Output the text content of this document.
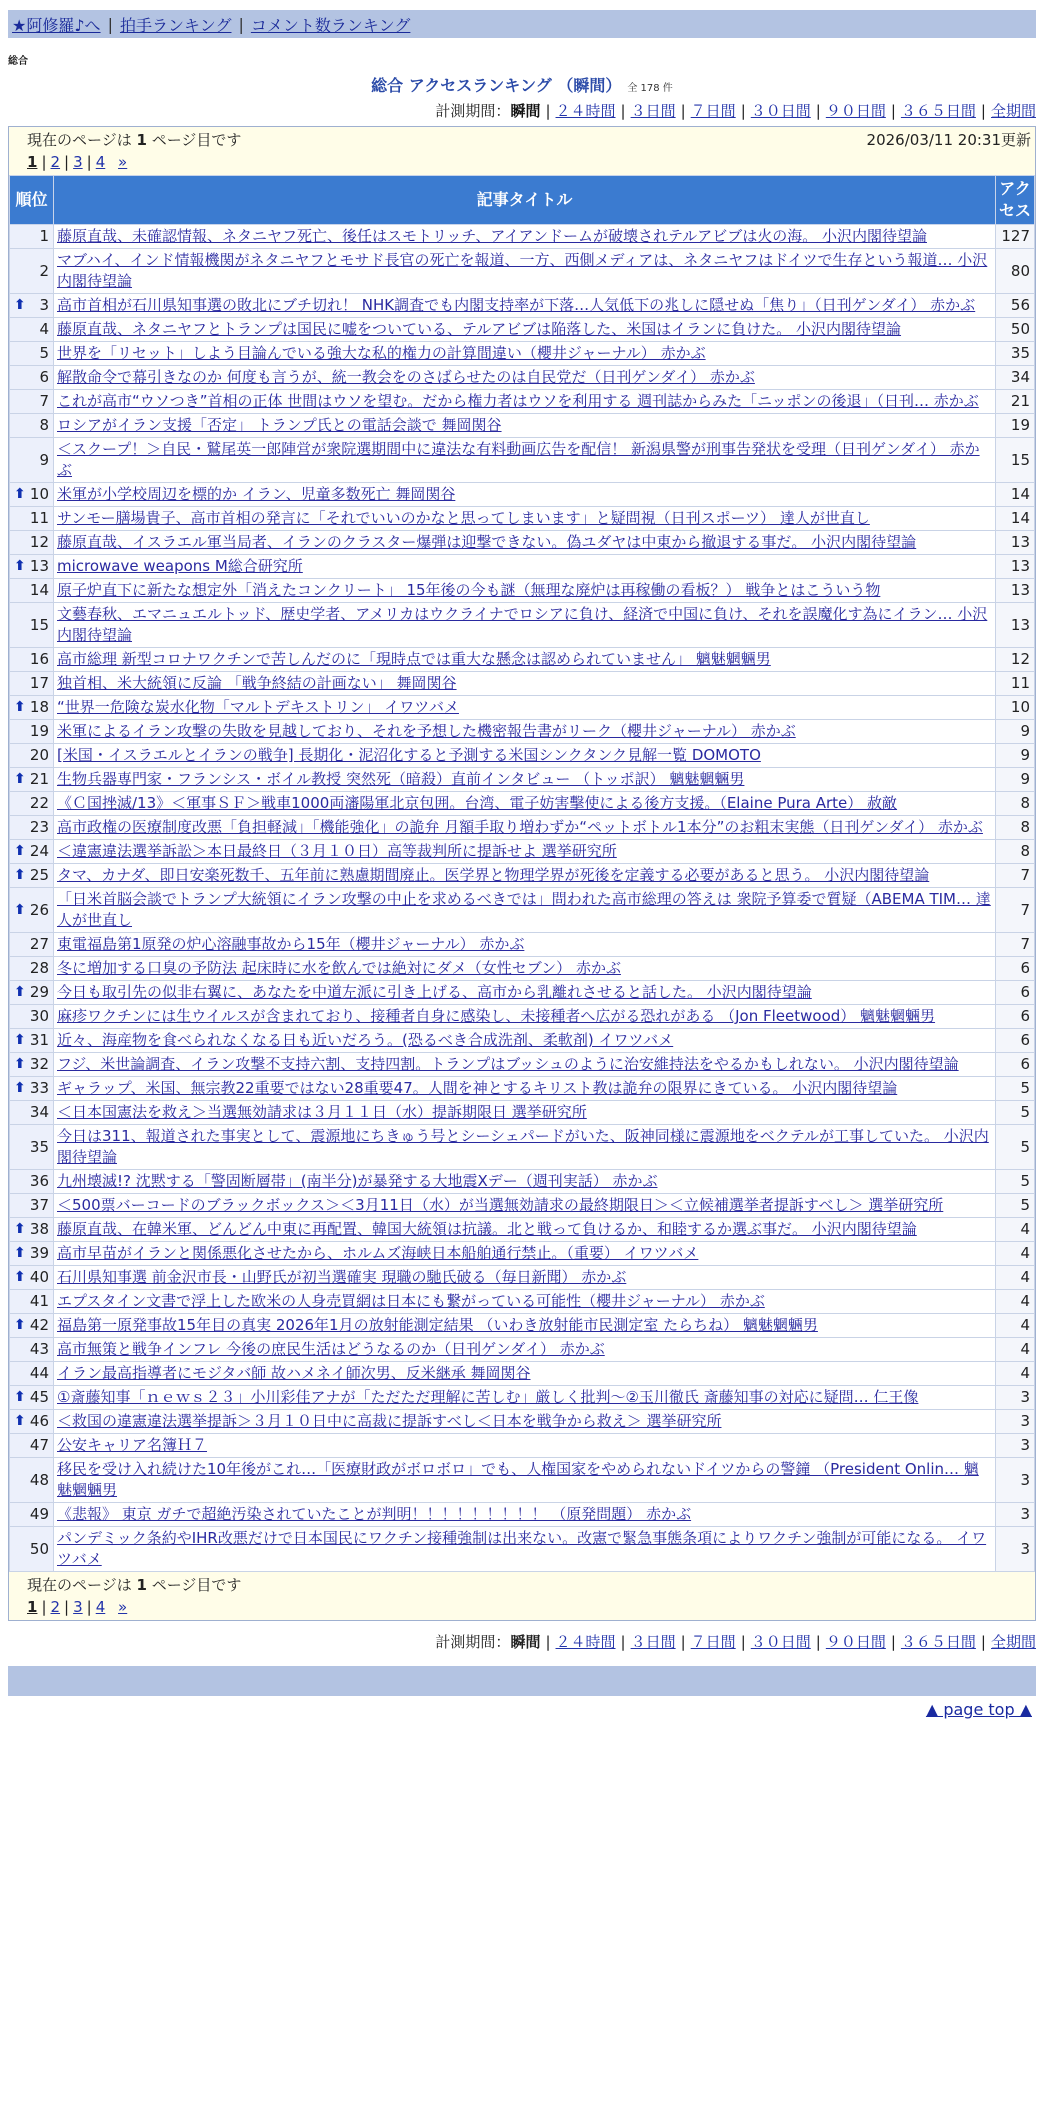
★阿修羅♪へ | 拍手ランキング | コメント数ランキング
総合
総合 アクセスランキング （瞬間） 全 178 件
計測期間：瞬間 | ２４時間 | ３日間 | ７日間 | ３０日間 | ９０日間 | ３６５日間 | 全期間
現在のページは 1 ページ目です	2026/03/11 20:31更新
1 | 2 | 3 | 4 »
順位	記事タイトル	アクセス
1	藤原直哉、未確認情報、ネタニヤフ死亡、後任はスモトリッチ、アイアンドームが破壊されテルアビブは火の海。 小沢内閣待望論	127
2	マブハイ、インド情報機関がネタニヤフとモサド長官の死亡を報道、一方、西側メディアは、ネタニヤフはドイツで生存という報道… 小沢内閣待望論	80

⬆ 3	高市首相が石川県知事選の敗北にブチ切れ！ NHK調査でも内閣支持率が下落…人気低下の兆しに隠せぬ「焦り」（日刊ゲンダイ） 赤かぶ	56
4	藤原直哉、ネタニヤフとトランプは国民に嘘をついている、テルアビブは陥落した、米国はイランに負けた。 小沢内閣待望論	50
5	世界を「リセット」しよう目論んでいる強大な私的権力の計算間違い（櫻井ジャーナル） 赤かぶ	35
6	解散命令で幕引きなのか 何度も言うが、統一教会をのさばらせたのは自民党だ（日刊ゲンダイ） 赤かぶ	34
7	これが高市“ウソつき”首相の正体 世間はウソを望む。だから権力者はウソを利用する 週刊誌からみた「ニッポンの後退」（日刊… 赤かぶ	21
8	ロシアがイラン支援「否定」 トランプ氏との電話会談で 舞岡関谷	19
9	＜スクープ！＞自民・鷲尾英一郎陣営が衆院選期間中に違法な有料動画広告を配信！ 新潟県警が刑事告発状を受理（日刊ゲンダイ） 赤かぶ	15

⬆ 10	米軍が小学校周辺を標的か イラン、児童多数死亡 舞岡関谷	14
11	サンモー膳場貴子、高市首相の発言に「それでいいのかなと思ってしまいます」と疑問視（日刊スポーツ） 達人が世直し	14
12	藤原直哉、イスラエル軍当局者、イランのクラスター爆弾は迎撃できない。偽ユダヤは中東から撤退する事だ。 小沢内閣待望論	13

⬆ 13	microwave weapons M総合研究所	13
14	原子炉直下に新たな想定外「消えたコンクリート」 15年後の今も謎（無理な廃炉は再稼働の看板？） 戦争とはこういう物	13
15	文藝春秋、エマニュエルトッド、歴史学者、アメリカはウクライナでロシアに負け、経済で中国に負け、それを誤魔化す為にイラン… 小沢内閣待望論	13
16	高市総理 新型コロナワクチンで苦しんだのに「現時点では重大な懸念は認められていません」 魑魅魍魎男	12
17	独首相、米大統領に反論 「戦争終結の計画ない」 舞岡関谷	11

⬆ 18	“世界一危険な炭水化物「マルトデキストリン」 イワツバメ	10
19	米軍によるイラン攻撃の失敗を見越しており、それを予想した機密報告書がリーク（櫻井ジャーナル） 赤かぶ	9
20	[米国・イスラエルとイランの戦争] 長期化・泥沼化すると予測する米国シンクタンク見解一覧 DOMOTO	9

⬆ 21	生物兵器専門家・フランシス・ボイル教授 突然死（暗殺）直前インタビュー （トッポ訳） 魑魅魍魎男	9
22	《Ｃ国挫滅/13》＜軍事ＳＦ＞戦車1000両瀋陽軍北京包囲。台湾、電子妨害擊使による後方支援。（Elaine Pura Arte） 赦敵	8
23	高市政権の医療制度改悪「負担軽減」「機能強化」の詭弁 月額手取り増わずか“ペットボトル1本分”のお粗末実態（日刊ゲンダイ） 赤かぶ	8

⬆ 24	＜違憲違法選挙訴訟＞本日最終日（３月１０日）高等裁判所に提訴せよ 選挙研究所	8

⬆ 25	タマ、カナダ、即日安楽死数千、五年前に熟慮期間廃止。医学界と物理学界が死後を定義する必要があると思う。 小沢内閣待望論	7

⬆ 26	「日米首脳会談でトランプ大統領にイラン攻撃の中止を求めるべきでは」問われた高市総理の答えは 衆院予算委で質疑（ABEMA TIM… 達人が世直し	7
27	東電福島第1原発の炉心溶融事故から15年（櫻井ジャーナル） 赤かぶ	7
28	冬に増加する口臭の予防法 起床時に水を飲んでは絶対にダメ（女性セブン） 赤かぶ	6

⬆ 29	今日も取引先の似非右翼に、あなたを中道左派に引き上げる、高市から乳離れさせると話した。 小沢内閣待望論	6
30	麻疹ワクチンには生ウイルスが含まれており、接種者自身に感染し、未接種者へ広がる恐れがある （Jon Fleetwood） 魑魅魍魎男	6

⬆ 31	近々、海産物を食べられなくなる日も近いだろう。(恐るべき合成洗剤、柔軟剤) イワツバメ	6

⬆ 32	フジ、米世論調査、イラン攻撃不支持六割、支持四割。トランプはブッシュのように治安維持法をやるかもしれない。 小沢内閣待望論	6

⬆ 33	ギャラップ、米国、無宗教22重要ではない28重要47。人間を神とするキリスト教は詭弁の限界にきている。 小沢内閣待望論	5
34	＜日本国憲法を救え＞当選無効請求は３月１１日（水）提訴期限日 選挙研究所	5
35	今日は311、報道された事実として、震源地にちきゅう号とシーシェパードがいた、阪神同様に震源地をベクテルが工事していた。 小沢内閣待望論	5
36	九州壊滅!? 沈黙する「警固断層帯」(南半分)が暴発する大地震Xデー（週刊実話） 赤かぶ	5
37	＜500票バーコードのブラックボックス＞＜3月11日（水）が当選無効請求の最終期限日＞＜立候補選挙者提訴すべし＞ 選挙研究所	5

⬆ 38	藤原直哉、在韓米軍、どんどん中東に再配置、韓国大統領は抗議。北と戦って負けるか、和睦するか選ぶ事だ。 小沢内閣待望論	4

⬆ 39	高市早苗がイランと関係悪化させたから、ホルムズ海峡日本船舶通行禁止。（重要） イワツバメ	4

⬆ 40	石川県知事選 前金沢市長・山野氏が初当選確実 現職の馳氏破る（毎日新聞） 赤かぶ	4
41	エプスタイン文書で浮上した欧米の人身売買網は日本にも繋がっている可能性（櫻井ジャーナル） 赤かぶ	4

⬆ 42	福島第一原発事故15年目の真実 2026年1月の放射能測定結果 （いわき放射能市民測定室 たらちね） 魑魅魍魎男	4
43	高市無策と戦争インフレ 今後の庶民生活はどうなるのか（日刊ゲンダイ） 赤かぶ	4
44	イラン最高指導者にモジタバ師 故ハメネイ師次男、反米継承 舞岡関谷	4

⬆ 45	①斎藤知事「ｎｅｗｓ２３」小川彩佳アナが「ただただ理解に苦しむ」厳しく批判～②玉川徹氏 斎藤知事の対応に疑問… 仁王像	3

⬆ 46	＜救国の違憲違法選挙提訴＞３月１０日中に高裁に提訴すべし＜日本を戦争から救え＞ 選挙研究所	3
47	公安キャリア名簿Ｈ７	3
48	移民を受け入れ続けた10年後がこれ…「医療財政がボロボロ」でも、人権国家をやめられないドイツからの警鐘 （President Onlin… 魑魅魍魎男	3
49	《悲報》 東京 ガチで超絶汚染されていたことが判明！！！！！！！！！ （原発問題） 赤かぶ	3
50	パンデミック条約やIHR改悪だけで日本国民にワクチン接種強制は出来ない。改憲で緊急事態条項によりワクチン強制が可能になる。 イワツバメ	3
現在のページは 1 ページ目です
1 | 2 | 3 | 4 »
計測期間：瞬間 | ２４時間 | ３日間 | ７日間 | ３０日間 | ９０日間 | ３６５日間 | 全期間
▲ page top ▲
